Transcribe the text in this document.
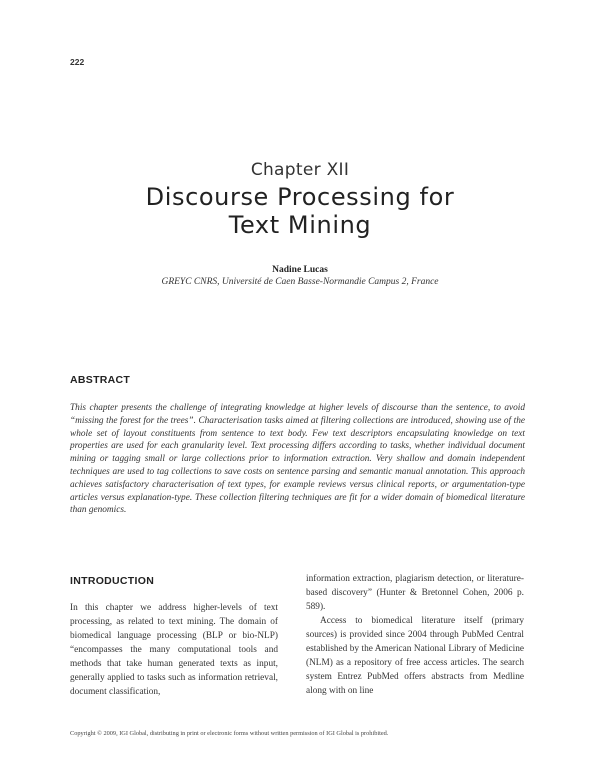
222
Chapter XII
Discourse Processing for
Text Mining
Nadine Lucas
GREYC CNRS, Université de Caen Basse-Normandie Campus 2, France
ABSTRACT

This chapter presents the challenge of integrating knowledge at higher levels of discourse than the sentence, to avoid “missing the forest for the trees”. Characterisation tasks aimed at filtering collections are introduced, showing use of the whole set of layout constituents from sentence to text body. Few text descriptors encapsulating knowledge on text properties are used for each granularity level. Text processing differs according to tasks, whether individual document mining or tagging small or large collections prior to information extraction. Very shallow and domain independent techniques are used to tag collections to save costs on sentence parsing and semantic manual annotation. This approach achieves satisfactory characterisation of text types, for example reviews versus clinical reports, or argumentation-type articles versus explanation-type. These collection filtering techniques are fit for a wider domain of biomedical literature than genomics.

INTRODUCTION

In this chapter we address higher-levels of text processing, as related to text mining. The domain of biomedical language processing (BLP or bio-NLP) “encompasses the many computational tools and methods that take human generated texts as input, generally applied to tasks such as information retrieval, document classification,

information extraction, plagiarism detection, or literature-based discovery” (Hunter & Bretonnel Cohen, 2006 p. 589).

Access to biomedical literature itself (primary sources) is provided since 2004 through PubMed Central established by the American National Library of Medicine (NLM) as a repository of free access articles. The search system Entrez PubMed offers abstracts from Medline along with on line

Copyright © 2009, IGI Global, distributing in print or electronic forms without written permission of IGI Global is prohibited.
